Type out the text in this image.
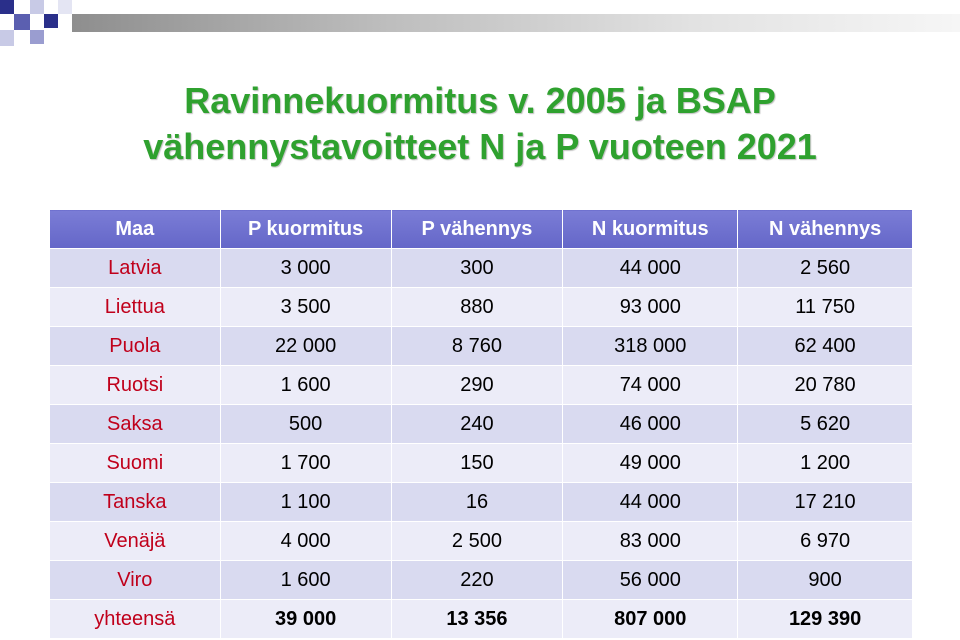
Ravinnekuormitus v. 2005 ja BSAP
vähennystavoitteet N ja P vuoteen 2021
Maa	P kuormitus	P vähennys	N kuormitus	N vähennys
Latvia	3 000	300	44 000	2 560
Liettua	3 500	880	93 000	11 750
Puola	22 000	8 760	318 000	62 400
Ruotsi	1 600	290	74 000	20 780
Saksa	500	240	46 000	5 620
Suomi	1 700	150	49 000	1 200
Tanska	1 100	16	44 000	17 210
Venäjä	4 000	2 500	83 000	6 970
Viro	1 600	220	56 000	900
yhteensä	39 000	13 356	807 000	129 390
